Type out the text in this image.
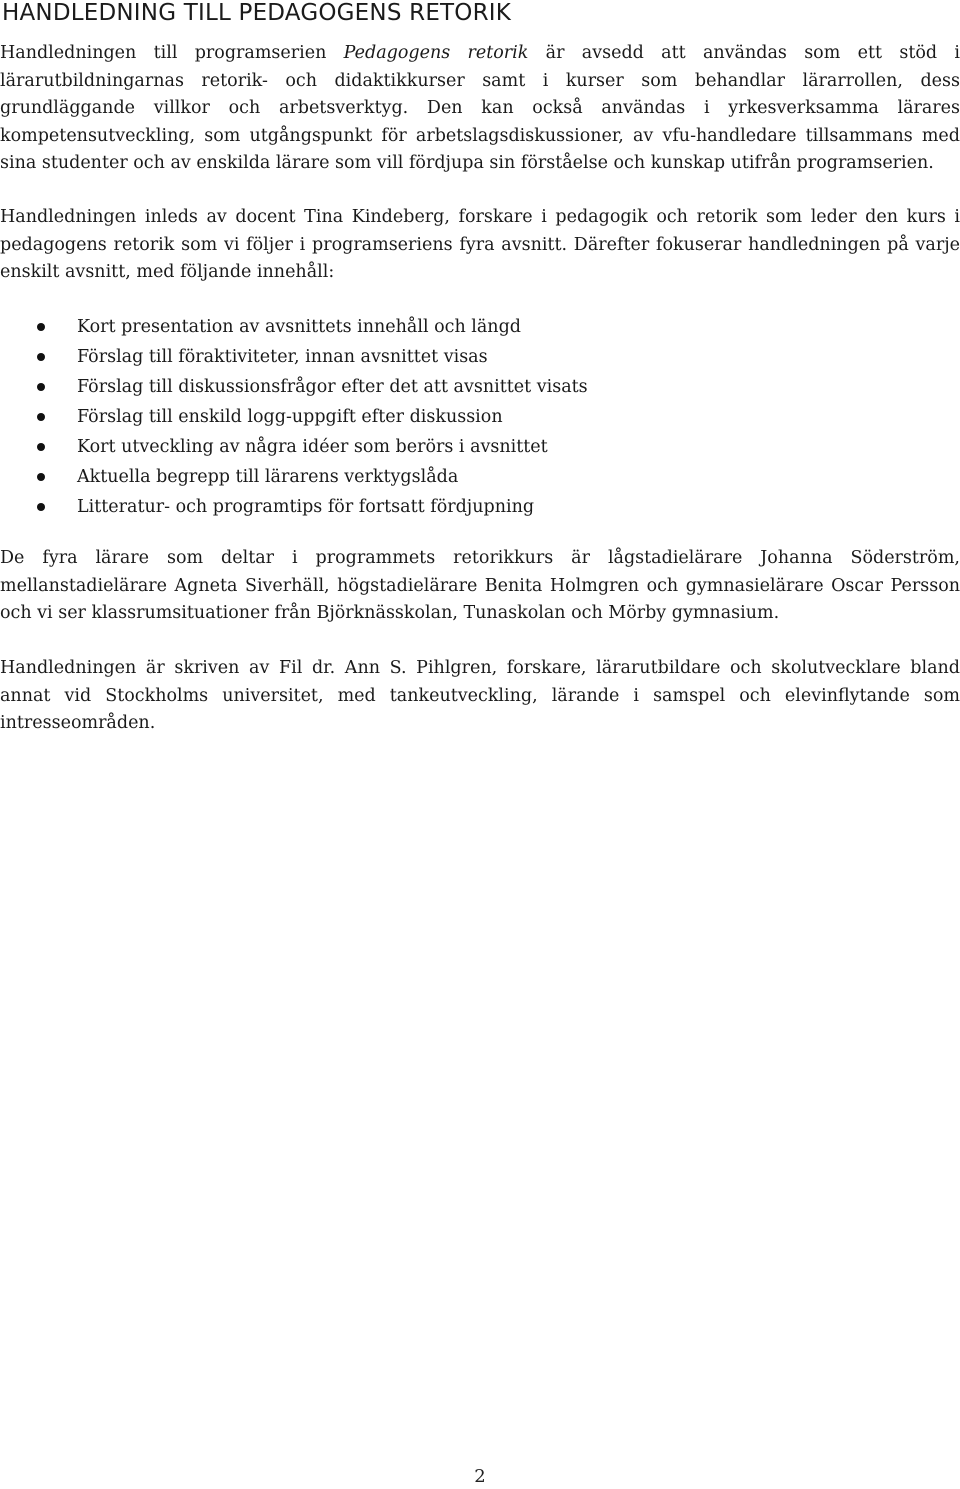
HANDLEDNING TILL PEDAGOGENS RETORIK

Handledningen till programserien Pedagogens retorik är avsedd att användas som ett stöd i lärarutbildningarnas retorik- och didaktikkurser samt i kurser som behandlar lärarrollen, dess grundläggande villkor och arbetsverktyg. Den kan också användas i yrkesverksamma lärares kompetensutveckling, som utgångspunkt för arbetslagsdiskussioner, av vfu-handledare tillsammans med sina studenter och av enskilda lärare som vill fördjupa sin förståelse och kunskap utifrån programserien.

Handledningen inleds av docent Tina Kindeberg, forskare i pedagogik och retorik som leder den kurs i pedagogens retorik som vi följer i programseriens fyra avsnitt. Därefter fokuserar handledningen på varje enskilt avsnitt, med följande innehåll:

Kort presentation av avsnittets innehåll och längd
Förslag till föraktiviteter, innan avsnittet visas
Förslag till diskussionsfrågor efter det att avsnittet visats
Förslag till enskild logg-uppgift efter diskussion
Kort utveckling av några idéer som berörs i avsnittet
Aktuella begrepp till lärarens verktygslåda
Litteratur- och programtips för fortsatt fördjupning

De fyra lärare som deltar i programmets retorikkurs är lågstadielärare Johanna Söderström, mellanstadielärare Agneta Siverhäll, högstadielärare Benita Holmgren och gymnasielärare Oscar Persson och vi ser klassrumsituationer från Björknässkolan, Tunaskolan och Mörby gymnasium.

Handledningen är skriven av Fil dr. Ann S. Pihlgren, forskare, lärarutbildare och skolutvecklare bland annat vid Stockholms universitet, med tankeutveckling, lärande i samspel och elevinflytande som intresseområden.

2
